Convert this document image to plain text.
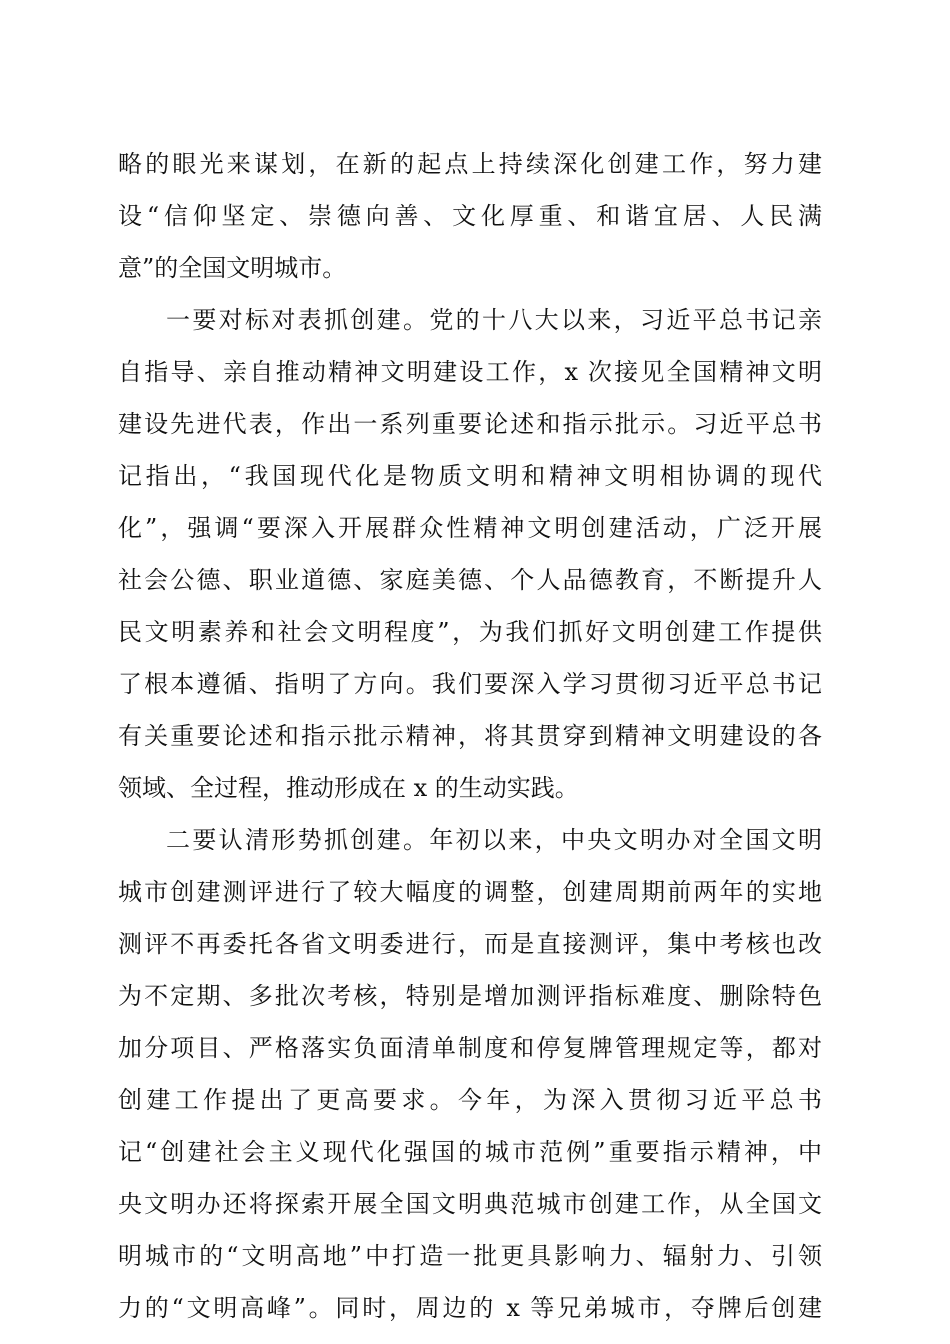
略的眼光来谋划，在新的起点上持续深化创建工作，努力建
设“信仰坚定、崇德向善、文化厚重、和谐宜居、人民满
意”的全国文明城市。

一要对标对表抓创建。党的十八大以来，习近平总书记亲
自指导、亲自推动精神文明建设工作，x 次接见全国精神文明
建设先进代表，作出一系列重要论述和指示批示。习近平总书
记指出，“我国现代化是物质文明和精神文明相协调的现代
化”，强调“要深入开展群众性精神文明创建活动，广泛开展
社会公德、职业道德、家庭美德、个人品德教育，不断提升人
民文明素养和社会文明程度”，为我们抓好文明创建工作提供
了根本遵循、指明了方向。我们要深入学习贯彻习近平总书记
有关重要论述和指示批示精神，将其贯穿到精神文明建设的各
领域、全过程，推动形成在 x 的生动实践。

二要认清形势抓创建。年初以来，中央文明办对全国文明
城市创建测评进行了较大幅度的调整，创建周期前两年的实地
测评不再委托各省文明委进行，而是直接测评，集中考核也改
为不定期、多批次考核，特别是增加测评指标难度、删除特色
加分项目、严格落实负面清单制度和停复牌管理规定等，都对
创建工作提出了更高要求。今年，为深入贯彻习近平总书
记“创建社会主义现代化强国的城市范例”重要指示精神，中
央文明办还将探索开展全国文明典范城市创建工作，从全国文
明城市的“文明高地”中打造一批更具影响力、辐射力、引领
力的“文明高峰”。同时，周边的 x 等兄弟城市，夺牌后创建
